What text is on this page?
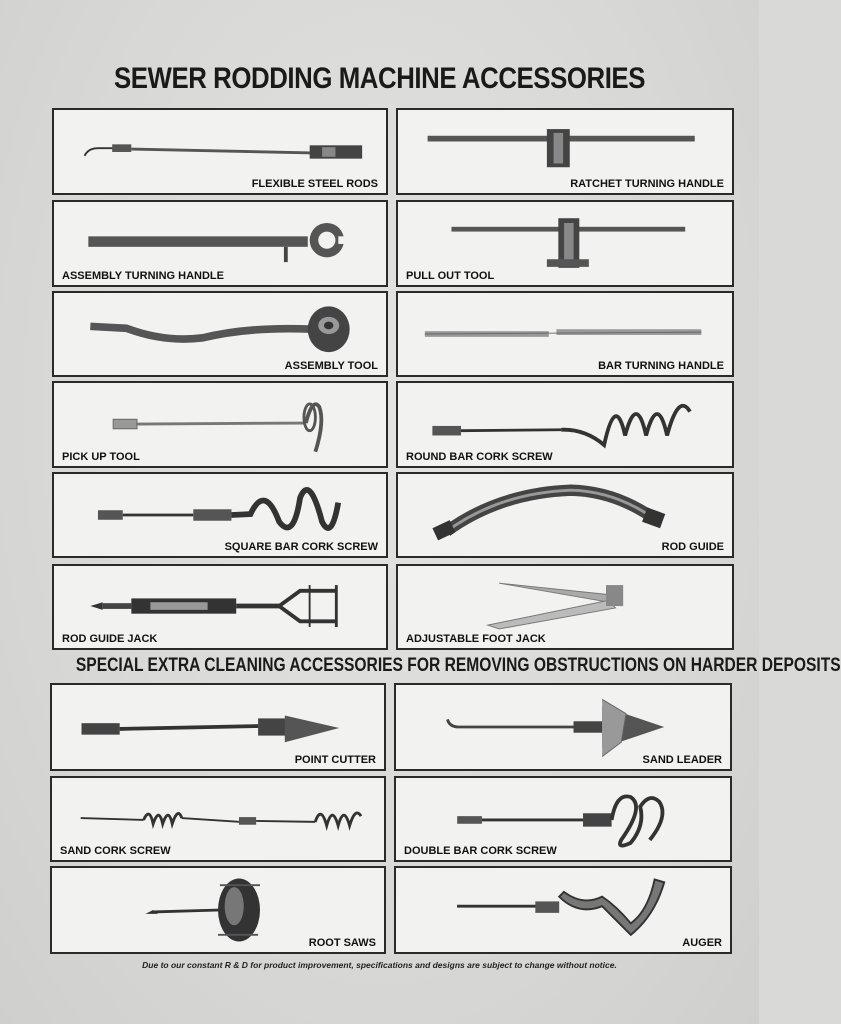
SEWER RODDING MACHINE ACCESSORIES
FLEXIBLE STEEL RODS	RATCHET TURNING HANDLE
ASSEMBLY TURNING HANDLE	PULL OUT TOOL
ASSEMBLY TOOL	BAR TURNING HANDLE
PICK UP TOOL	ROUND BAR CORK SCREW
SQUARE BAR CORK SCREW	ROD GUIDE
ROD GUIDE JACK	ADJUSTABLE FOOT JACK
SPECIAL EXTRA CLEANING ACCESSORIES FOR REMOVING OBSTRUCTIONS ON HARDER DEPOSITS
POINT CUTTER	SAND LEADER
SAND CORK SCREW	DOUBLE BAR CORK SCREW
ROOT SAWS	AUGER
Due to our constant R & D for product improvement, specifications and designs are subject to change without notice.
